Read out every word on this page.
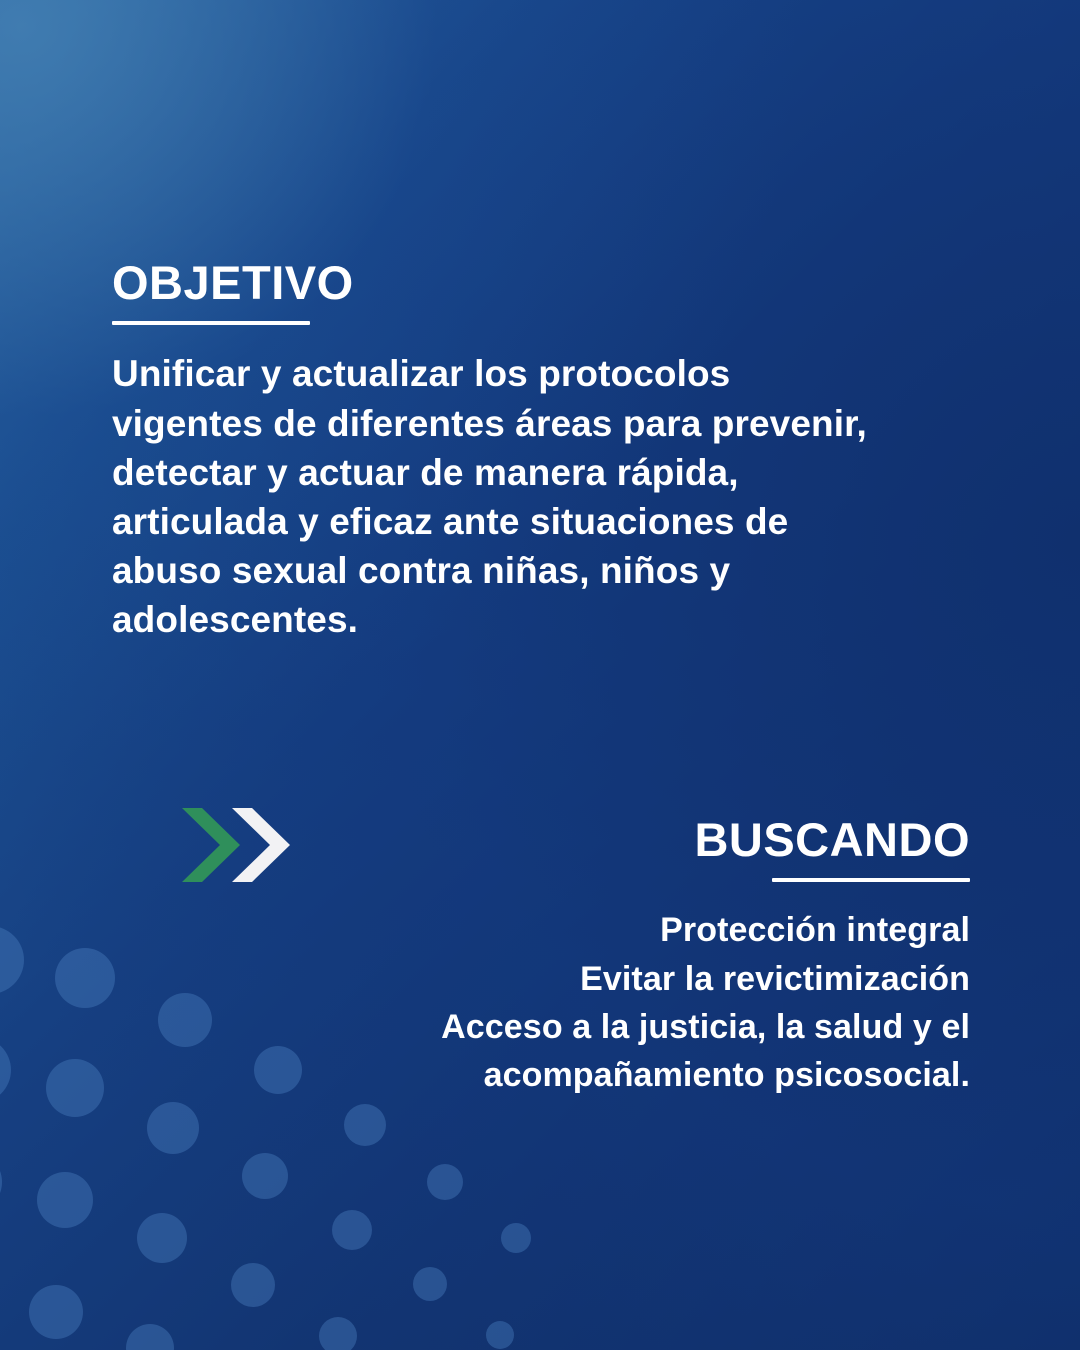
OBJETIVO

Unificar y actualizar los protocolos vigentes de diferentes áreas para prevenir, detectar y actuar de manera rápida, articulada y eficaz ante situaciones de abuso sexual contra niñas, niños y adolescentes.

BUSCANDO
Protección integral
Evitar la revictimización
Acceso a la justicia, la salud y el
acompañamiento psicosocial.
